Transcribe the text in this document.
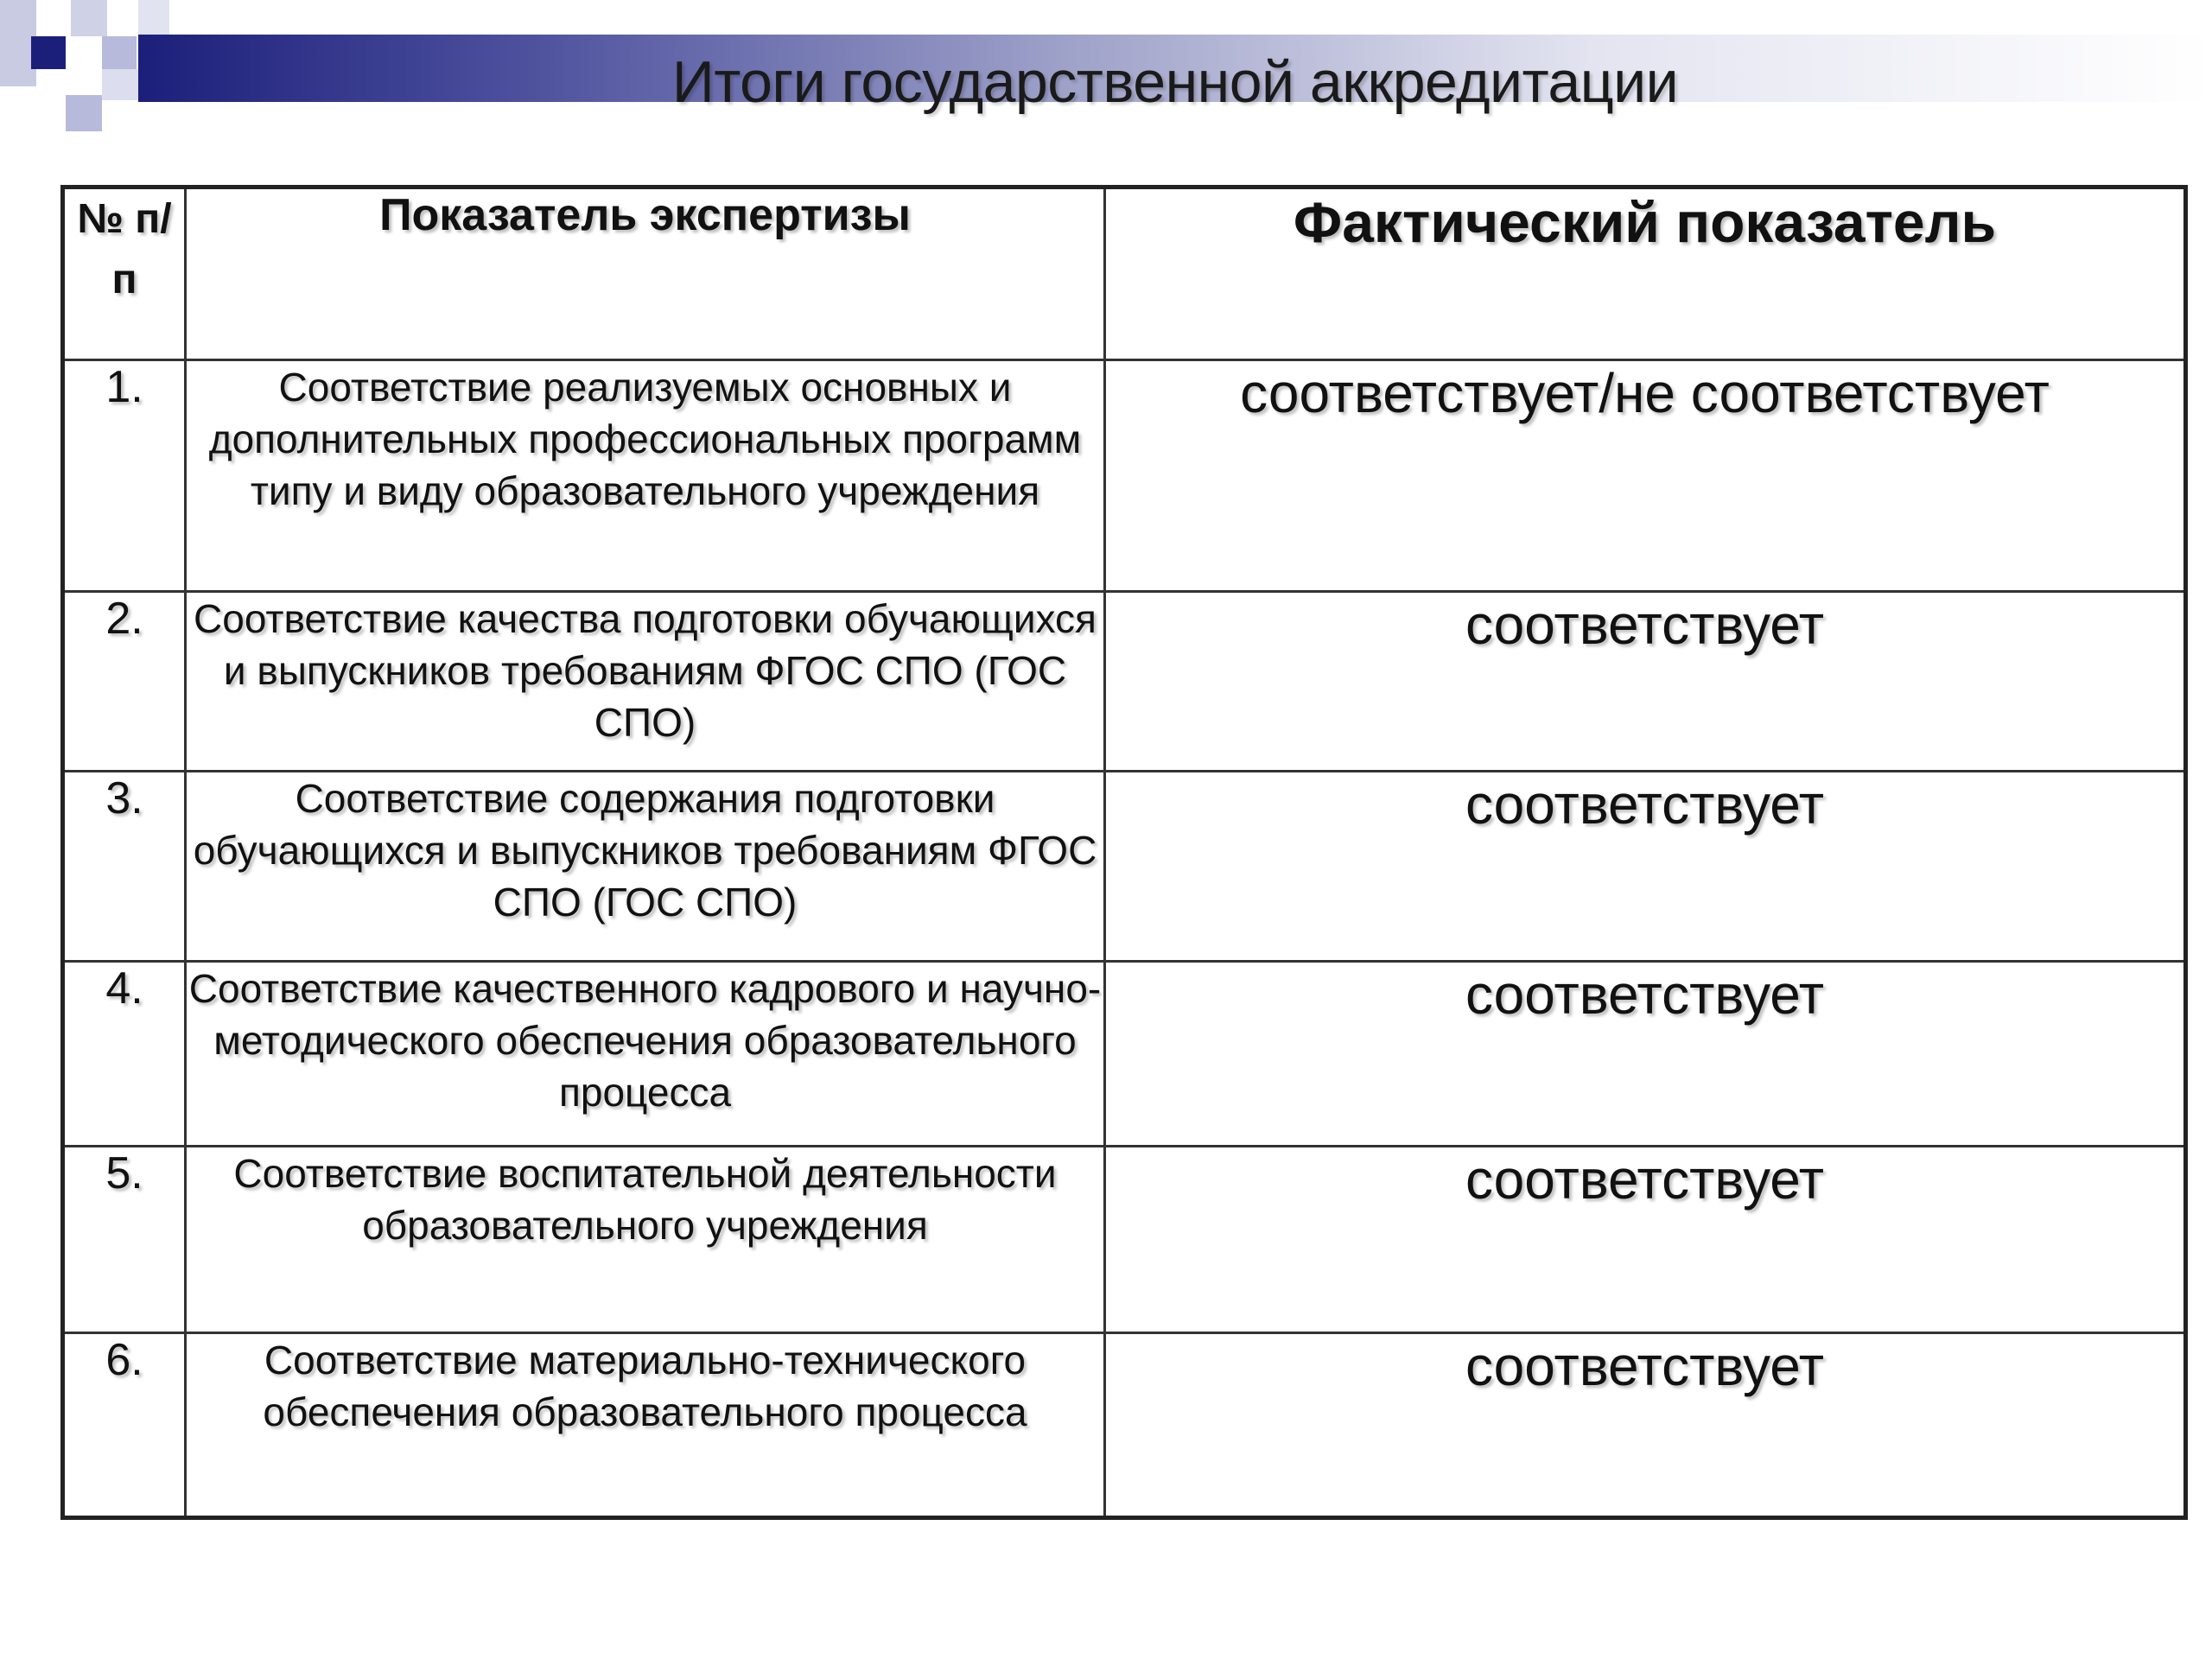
Итоги государственной аккредитации
№ п/п	Показатель экспертизы	Фактический показатель
1.	Соответствие реализуемых основных и дополнительных профессиональных программ типу и виду образовательного учреждения	соответствует/не соответствует
2.	Соответствие качества подготовки обучающихся и выпускников требованиям ФГОС СПО (ГОС СПО)	соответствует
3.	Соответствие содержания подготовки обучающихся и выпускников требованиям ФГОС СПО (ГОС СПО)	соответствует
4.	Соответствие качественного кадрового и научно-методического обеспечения образовательного процесса	соответствует
5.	Соответствие воспитательной деятельности образовательного учреждения	соответствует
6.	Соответствие материально-технического обеспечения образовательного процесса	соответствует
